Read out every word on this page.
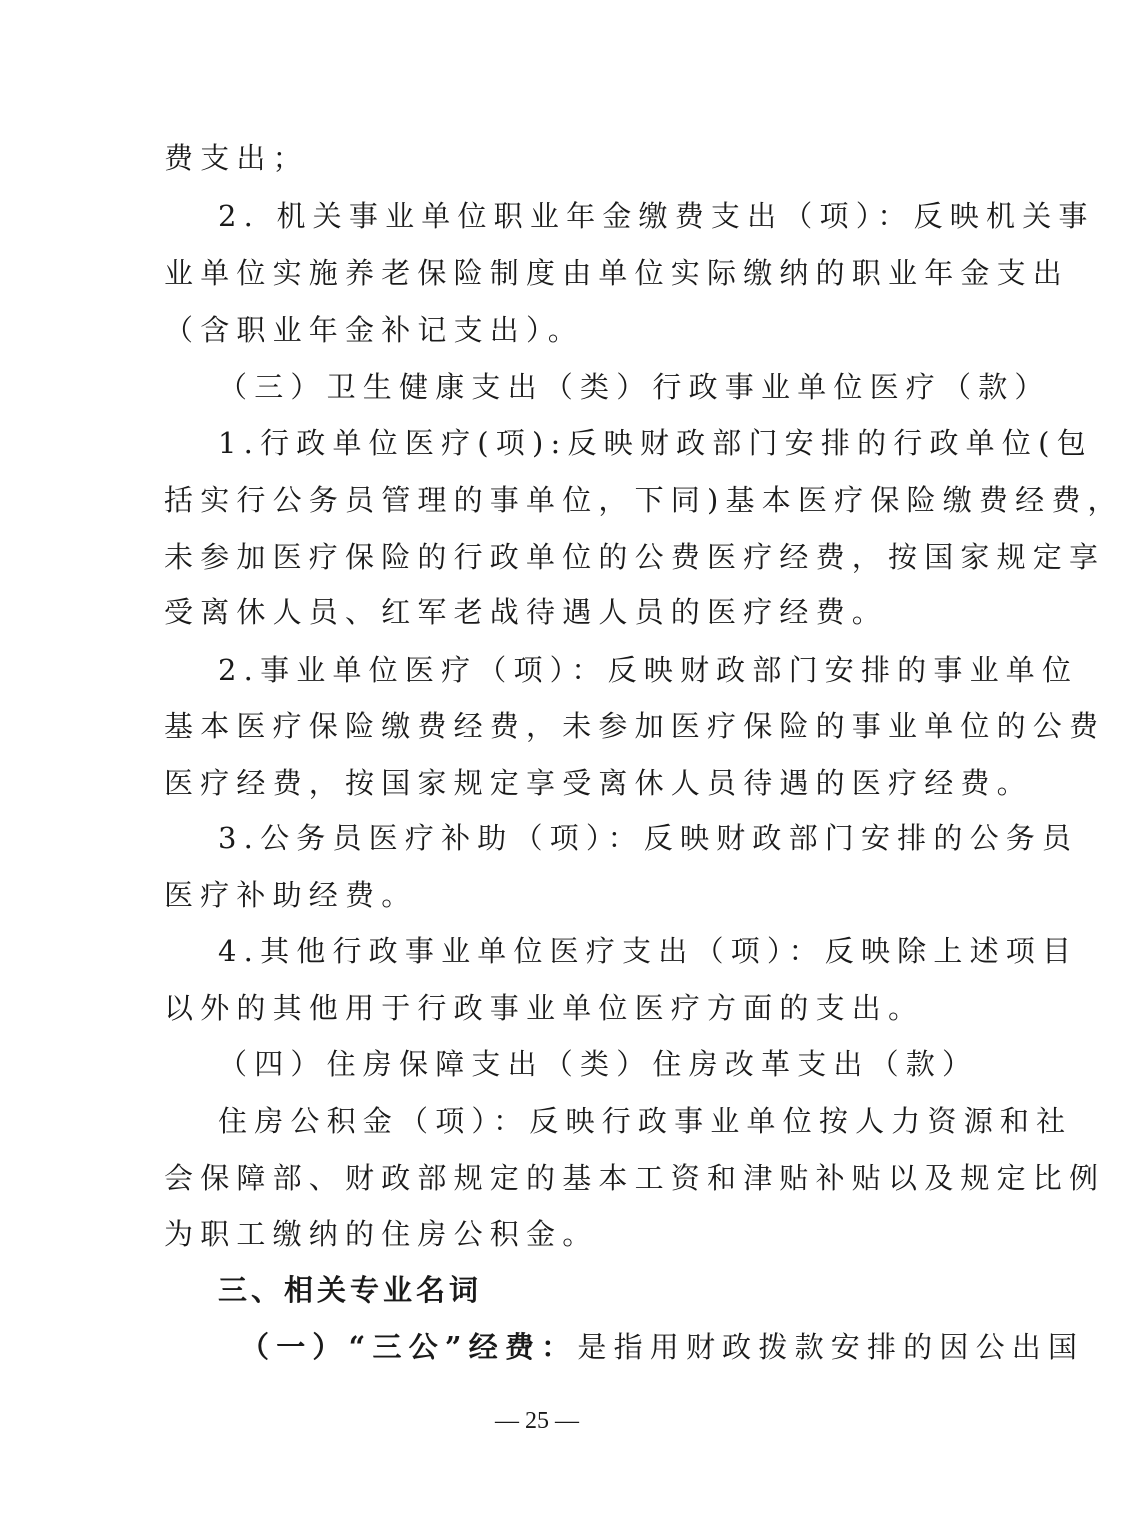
费支出；
2. 机关事业单位职业年金缴费支出（项）：反映机关事
业单位实施养老保险制度由单位实际缴纳的职业年金支出
（含职业年金补记支出）。
（三）卫生健康支出（类）行政事业单位医疗（款）
1.行政单位医疗(项):反映财政部门安排的行政单位(包
括实行公务员管理的事单位，下同)基本医疗保险缴费经费，
未参加医疗保险的行政单位的公费医疗经费，按国家规定享
受离休人员、红军老战待遇人员的医疗经费。
2.事业单位医疗（项）：反映财政部门安排的事业单位
基本医疗保险缴费经费，未参加医疗保险的事业单位的公费
医疗经费，按国家规定享受离休人员待遇的医疗经费。
3.公务员医疗补助（项）：反映财政部门安排的公务员
医疗补助经费。
4.其他行政事业单位医疗支出（项）：反映除上述项目
以外的其他用于行政事业单位医疗方面的支出。
（四）住房保障支出（类）住房改革支出（款）
住房公积金（项）：反映行政事业单位按人力资源和社
会保障部、财政部规定的基本工资和津贴补贴以及规定比例
为职工缴纳的住房公积金。
三、相关专业名词
（一）“三公”经费：是指用财政拨款安排的因公出国
— 25 —
